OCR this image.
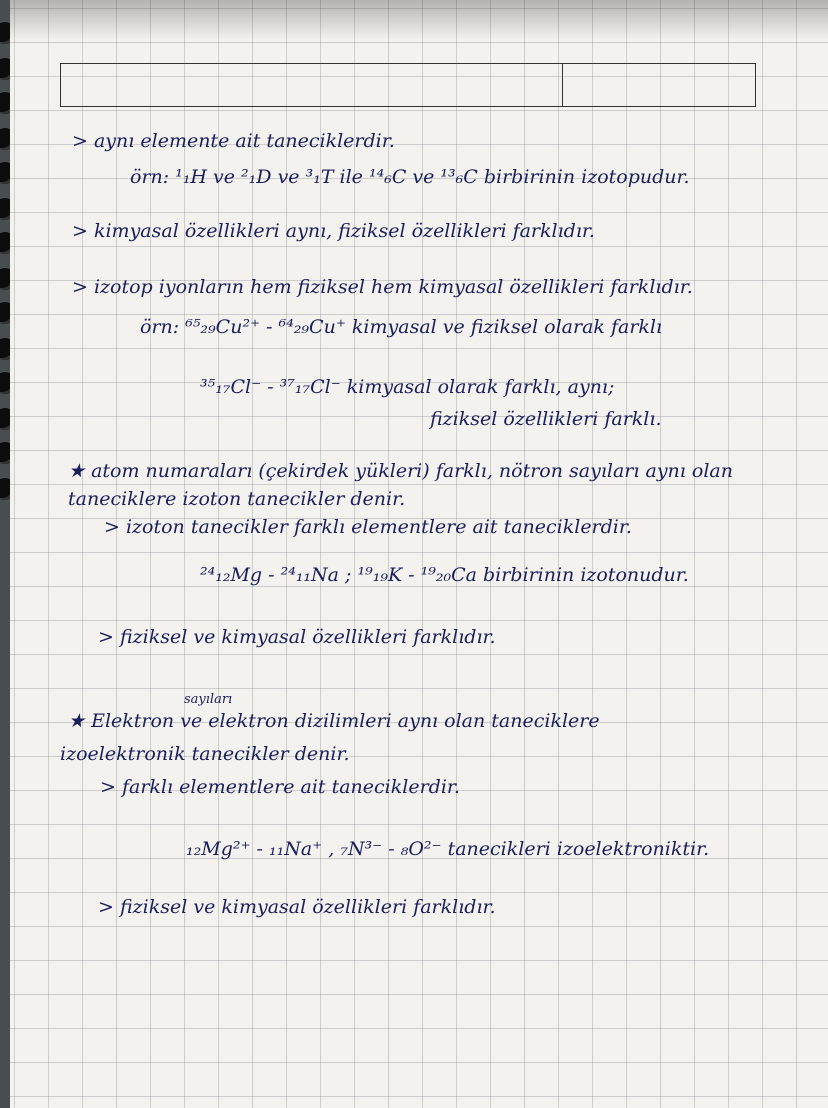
> aynı elemente ait taneciklerdir.
örn: ¹₁H ve ²₁D ve ³₁T ile ¹⁴₆C ve ¹³₆C birbirinin izotopudur.
> kimyasal özellikleri aynı, fiziksel özellikleri farklıdır.
> izotop iyonların hem fiziksel hem kimyasal özellikleri farklıdır.
örn: ⁶⁵₂₉Cu²⁺ - ⁶⁴₂₉Cu⁺ kimyasal ve fiziksel olarak farklı
³⁵₁₇Cl⁻ - ³⁷₁₇Cl⁻ kimyasal olarak farklı, aynı;
fiziksel özellikleri farklı.
★ atom numaraları (çekirdek yükleri) farklı, nötron sayıları aynı olan
taneciklere izoton tanecikler denir.
> izoton tanecikler farklı elementlere ait taneciklerdir.
²⁴₁₂Mg - ²⁴₁₁Na ; ¹⁹₁₉K - ¹⁹₂₀Ca birbirinin izotonudur.
> fiziksel ve kimyasal özellikleri farklıdır.
sayıları
★ Elektron ve elektron dizilimleri aynı olan taneciklere
izoelektronik tanecikler denir.
> farklı elementlere ait taneciklerdir.
₁₂Mg²⁺ - ₁₁Na⁺ , ₇N³⁻ - ₈O²⁻ tanecikleri izoelektroniktir.
> fiziksel ve kimyasal özellikleri farklıdır.
